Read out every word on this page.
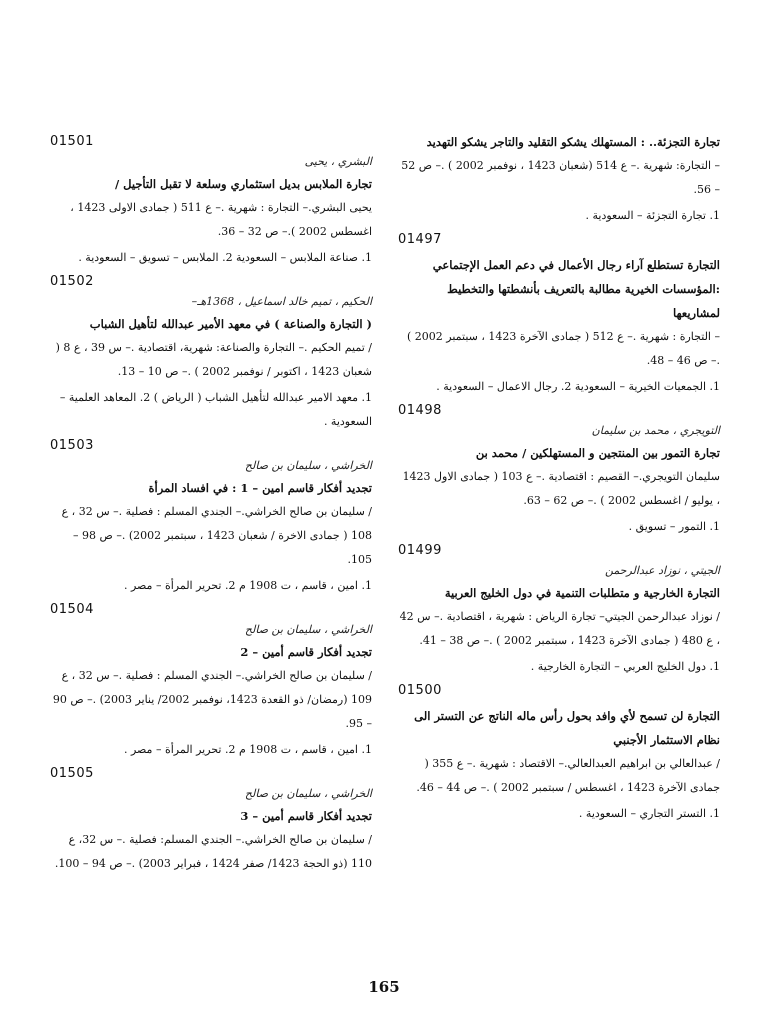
01501
البشري ، يحيى
تجارة الملابس بديل استثماري وسلعة لا تقبل التأجيل /
يحيى البشري.– التجارة : شهرية .– ع 511 ( جمادى الاولى 1423 ، اغسطس 2002 ).– ص 32 – 36.
1. صناعة الملابس – السعودية 2. الملابس – تسويق – السعودية .
01502
الحكيم ، تميم خالد اسماعيل ، 1368هـ–
( التجارة والصناعة ) في معهد الأمير عبدالله لتأهيل الشباب
/ تميم الحكيم .– التجارة والصناعة: شهرية، اقتصادية .– س 39 ، ع 8 ( شعبان 1423 ، اكتوبر / نوفمبر 2002 ) .– ص 10 – 13.
1. معهد الامير عبدالله لتأهيل الشباب ( الرياض ) 2. المعاهد العلمية – السعودية .
01503
الخراشي ، سليمان بن صالح
تجديد أفكار قاسم امين – 1 : في افساد المرأة
/ سليمان بن صالح الخراشي.– الجندي المسلم : فصلية .– س 32 ، ع 108 ( جمادى الاخرة / شعبان 1423 ، سبتمبر 2002) .– ص 98 – 105.
1. امين ، قاسم ، ت 1908 م 2. تحرير المرأة – مصر .
01504
الخراشي ، سليمان بن صالح
تجديد أفكار قاسم أمين – 2
/ سليمان بن صالح الخراشي.– الجندي المسلم : فصلية .– س 32 ، ع 109 (رمضان/ ذو القعدة 1423، نوفمبر 2002/ يناير 2003) .– ص 90 – 95.
1. امين ، قاسم ، ت 1908 م 2. تحرير المرأة – مصر .
01505
الخراشي ، سليمان بن صالح
تجديد أفكار قاسم أمين – 3
/ سليمان بن صالح الخراشي.– الجندي المسلم: فصلية .– س 32، ع 110 (ذو الحجة 1423/ صفر 1424 ، فبراير 2003) .– ص 94 – 100.
تجارة التجزئة.. : المستهلك يشكو التقليد والتاجر يشكو التهديد
– التجارة: شهرية .– ع 514 (شعبان 1423 ، نوفمبر 2002 ) .– ص 52 – 56.
1. تجارة التجزئة – السعودية .
01497
التجارة تستطلع آراء رجال الأعمال في دعم العمل الإجتماعي :المؤسسات الخيرية مطالبة بالتعريف بأنشطتها والتخطيط لمشاريعها
– التجارة : شهرية .– ع 512 ( جمادى الآخرة 1423 ، سبتمبر 2002 ) .– ص 46 – 48.
1. الجمعيات الخيرية – السعودية 2. رجال الاعمال – السعودية .
01498
التويجري ، محمد بن سليمان
تجارة التمور بين المنتجين و المستهلكين / محمد بن
سليمان التويجري.– القصيم : اقتصادية .– ع 103 ( جمادى الاول 1423 ، يوليو / اغسطس 2002 ) .– ص 62 – 63.
1. التمور – تسويق .
01499
الجيتي ، نوزاد عبدالرحمن
التجارة الخارجية و متطلبات التنمية في دول الخليج العربية
/ نوزاد عبدالرحمن الجيتي– تجارة الرياض : شهرية ، اقتصادية .– س 42 ، ع 480 ( جمادى الآخرة 1423 ، سبتمبر 2002 ) .– ص 38 – 41.
1. دول الخليج العربي – التجارة الخارجية .
01500
التجارة لن تسمح لأي وافد بحول رأس ماله الناتج عن التستر الى نظام الاستثمار الأجنبي
/ عبدالعالي بن ابراهيم العبدالعالي.– الاقتصاد : شهرية .– ع 355 ( جمادى الآخرة 1423 ، اغسطس / سبتمبر 2002 ) .– ص 44 – 46.
1. التستر التجاري – السعودية .
165
